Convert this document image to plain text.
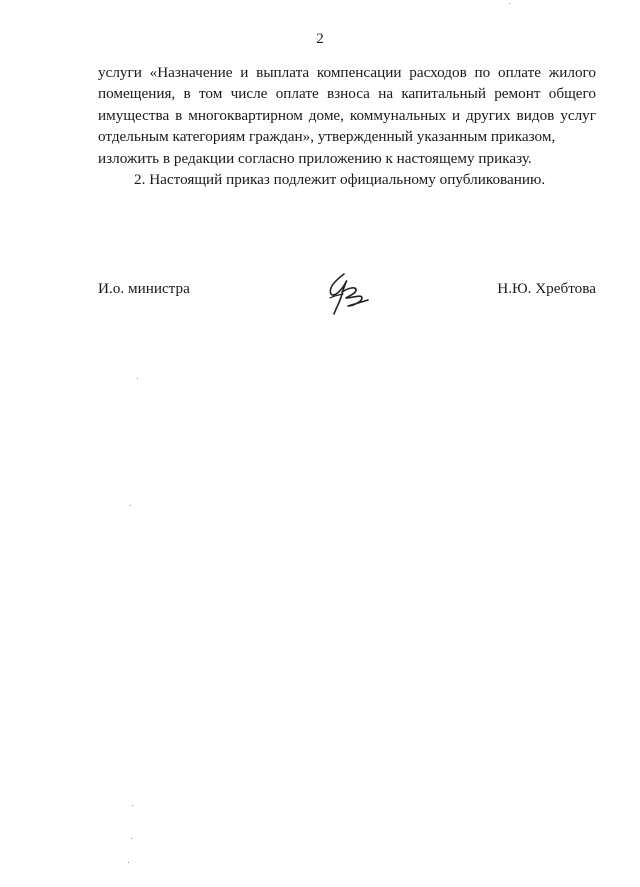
2

услуги «Назначение и выплата компенсации расходов по оплате жилого помещения, в том числе оплате взноса на капитальный ремонт общего имущества в многоквартирном доме, коммунальных и других видов услуг отдельным категориям граждан», утвержденный указанным приказом,

изложить в редакции согласно приложению к настоящему приказу.

2. Настоящий приказ подлежит официальному опубликованию.

И.о. министра	Н.Ю. Хребтова
